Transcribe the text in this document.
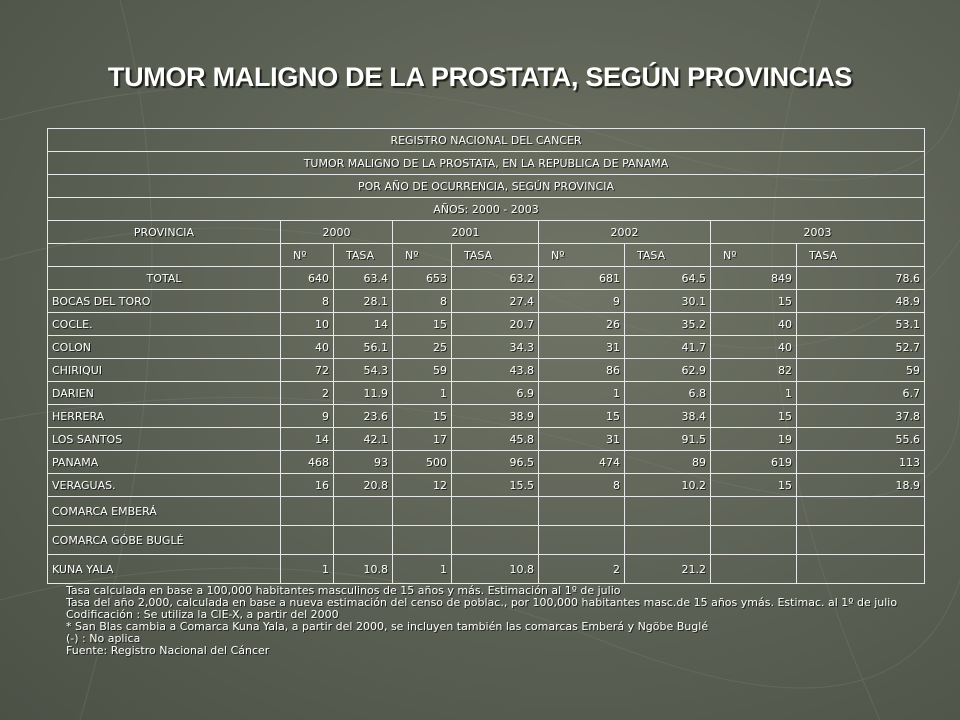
TUMOR MALIGNO DE LA PROSTATA, SEGÚN PROVINCIAS
REGISTRO NACIONAL DEL CANCER								
TUMOR MALIGNO DE LA PROSTATA, EN LA REPUBLICA DE PANAMA								
POR AÑO DE OCURRENCIA, SEGÚN PROVINCIA								
AÑOS: 2000 - 2003								
PROVINCIA	2000		2001		2002		2003	
	Nº	TASA	Nº	TASA	Nº	TASA	Nº	TASA
TOTAL	640	63.4	653	63.2	681	64.5	849	78.6
BOCAS DEL TORO	8	28.1	8	27.4	9	30.1	15	48.9
COCLE.	10	14	15	20.7	26	35.2	40	53.1
COLON	40	56.1	25	34.3	31	41.7	40	52.7
CHIRIQUI	72	54.3	59	43.8	86	62.9	82	59
DARIEN	2	11.9	1	6.9	1	6.8	1	6.7
HERRERA	9	23.6	15	38.9	15	38.4	15	37.8
LOS SANTOS	14	42.1	17	45.8	31	91.5	19	55.6
PANAMA	468	93	500	96.5	474	89	619	113
VERAGUAS.	16	20.8	12	15.5	8	10.2	15	18.9
COMARCA EMBERÁ								
COMARCA GÓBE BUGLÉ								
KUNA YALA	1	10.8	1	10.8	2	21.2		
Tasa calculada en base a 100,000 habitantes masculinos de 15 años y más. Estimación al 1º de julio
Tasa del año 2,000, calculada en base a nueva estimación del censo de poblac., por 100,000 habitantes masc.de 15 años ymás. Estimac. al 1º de julio
Codificación : Se utiliza la CIE-X, a partir del 2000
* San Blas cambia a Comarca Kuna Yala, a partir del 2000, se incluyen también las comarcas Emberá y Ngöbe Buglé
(-) : No aplica
Fuente: Registro Nacional del Cáncer
